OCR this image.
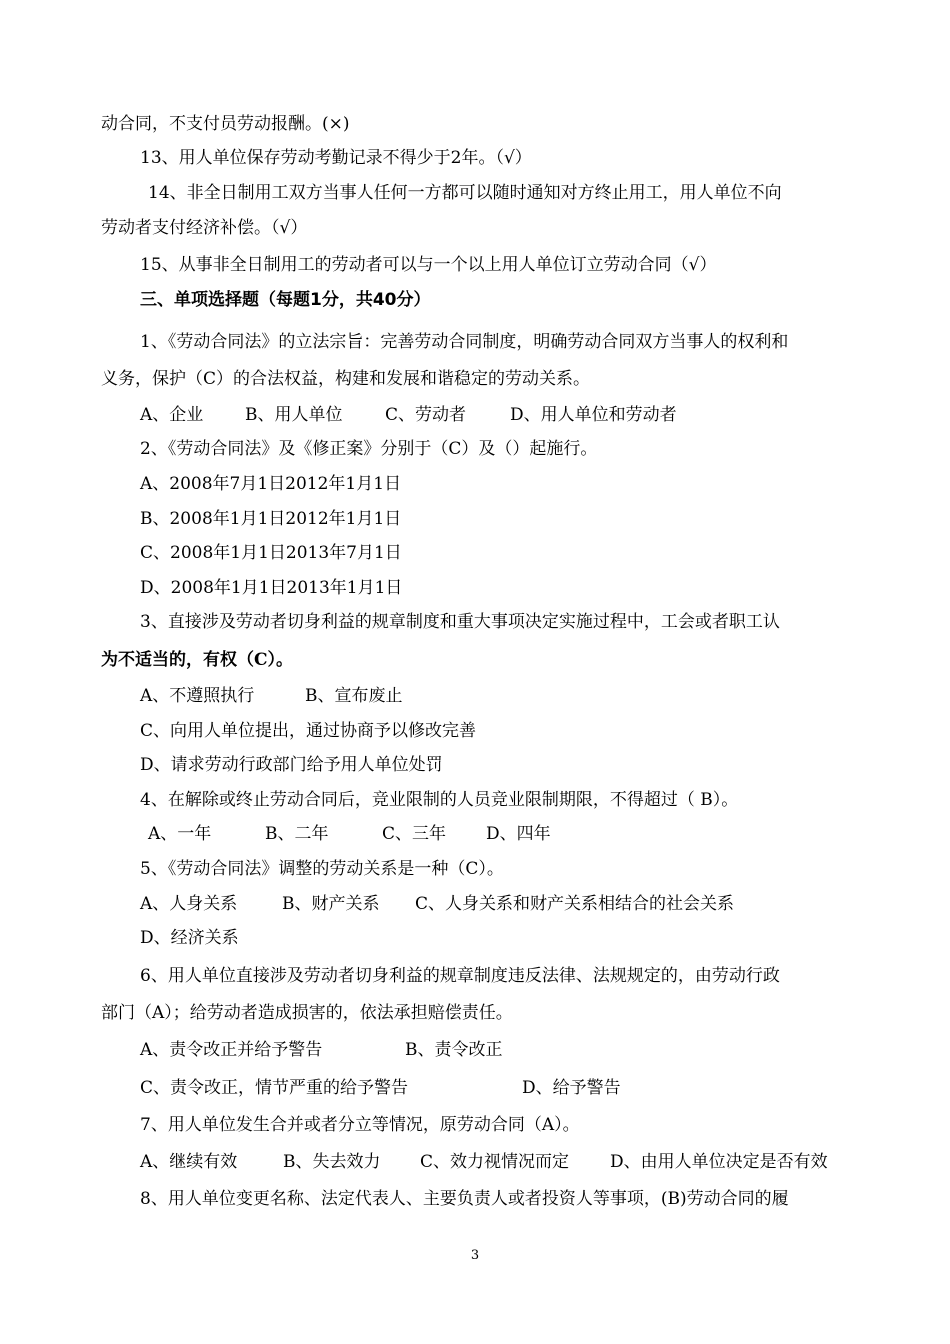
动合同，不支付员劳动报酬。(×)
13、用人单位保存劳动考勤记录不得少于2年。（√）
14、非全日制用工双方当事人任何一方都可以随时通知对方终止用工，用人单位不向
劳动者支付经济补偿。（√）
15、从事非全日制用工的劳动者可以与一个以上用人单位订立劳动合同（√）
三、单项选择题（每题1分，共40分）
1、《劳动合同法》的立法宗旨：完善劳动合同制度，明确劳动合同双方当事人的权利和
义务，保护（C）的合法权益，构建和发展和谐稳定的劳动关系。
A、企业 B、用人单位	C、劳动者	D、用人单位和劳动者
2、《劳动合同法》及《修正案》分别于（C）及（）起施行。
A、2008年7月1日2012年1月1日
B、2008年1月1日2012年1月1日
C、2008年1月1日2013年7月1日
D、2008年1月1日2013年1月1日
3、直接涉及劳动者切身利益的规章制度和重大事项决定实施过程中，工会或者职工认
为不适当的，有权（C）。
A、不遵照执行	B、宣布废止
C、向用人单位提出，通过协商予以修改完善
D、请求劳动行政部门给予用人单位处罚
4、在解除或终止劳动合同后，竞业限制的人员竞业限制期限，不得超过（ B）。
A、一年	B、二年	C、三年 D、四年
5、《劳动合同法》调整的劳动关系是一种（C）。
A、人身关系	B、财产关系 C、人身关系和财产关系相结合的社会关系
D、经济关系
6、用人单位直接涉及劳动者切身利益的规章制度违反法律、法规规定的，由劳动行政
部门（A）；给劳动者造成损害的，依法承担赔偿责任。
A、责令改正并给予警告	B、责令改正
C、责令改正，情节严重的给予警告	D、给予警告
7、用人单位发生合并或者分立等情况，原劳动合同（A）。
A、继续有效	B、失去效力 C、效力视情况而定 D、由用人单位决定是否有效
8、用人单位变更名称、法定代表人、主要负责人或者投资人等事项，(B)劳动合同的履
3
